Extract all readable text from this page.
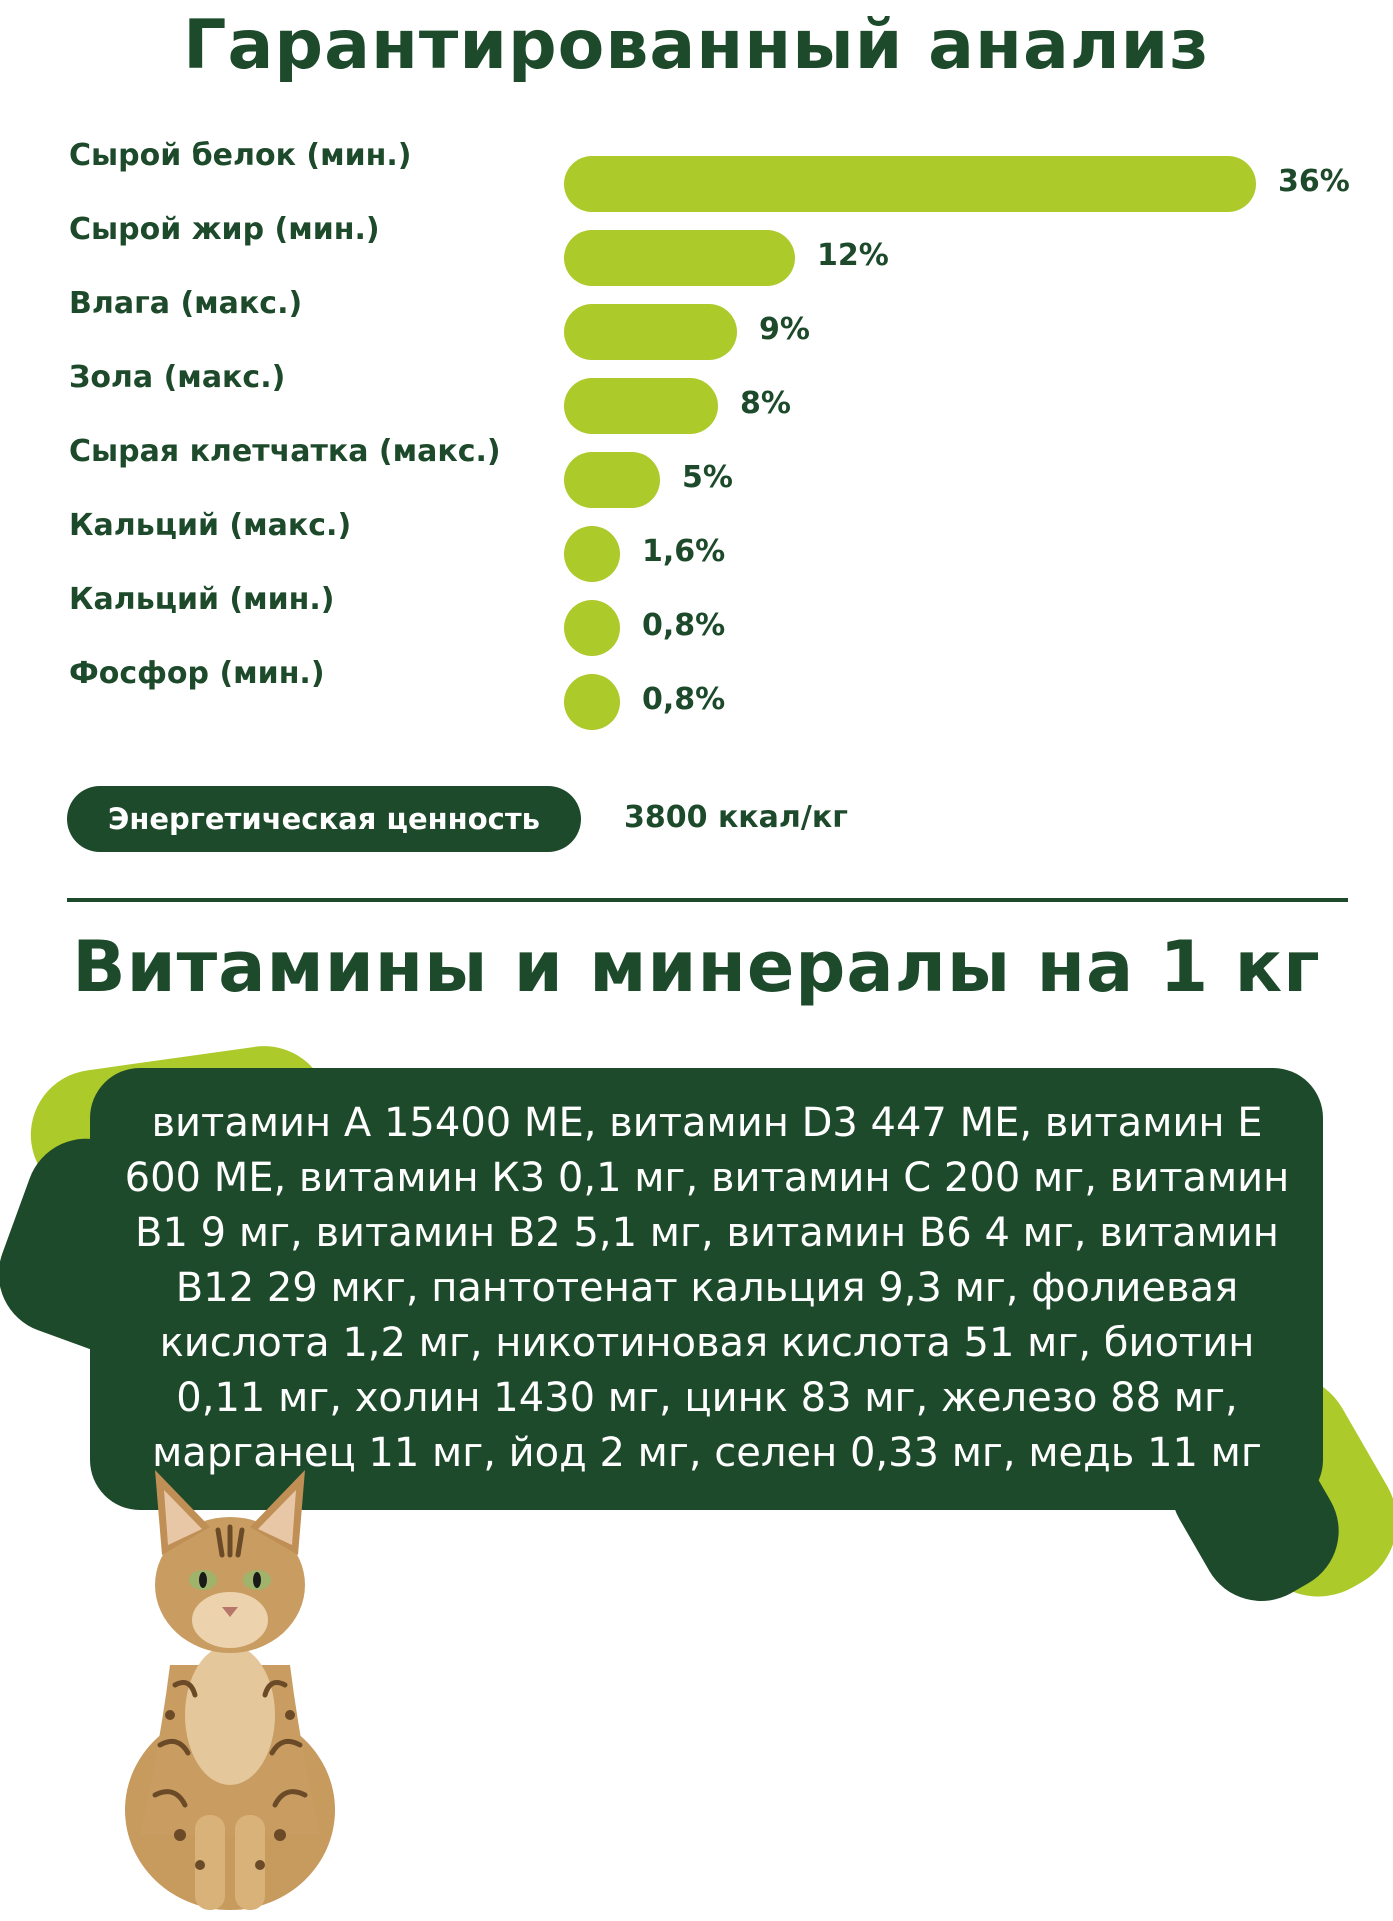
Гарантированный анализ
Сырой белок (мин.)
36%
Сырой жир (мин.)
12%
Влага (макс.)
9%
Зола (макс.)
8%
Сырая клетчатка (макс.)
5%
Кальций (макс.)
1,6%
Кальций (мин.)
0,8%
Фосфор (мин.)
0,8%
Энергетическая ценность	3800 ккал/кг
Витамины и минералы на 1 кг

витамин А 15400 МЕ, витамин D3 447 МЕ, витамин Е 600 МЕ, витамин К3 0,1 мг, витамин С 200 мг, витамин В1 9 мг, витамин В2 5,1 мг, витамин В6 4 мг, витамин В12 29 мкг, пантотенат кальция 9,3 мг, фолиевая кислота 1,2 мг, никотиновая кислота 51 мг, биотин 0,11 мг, холин 1430 мг, цинк 83 мг, железо 88 мг, марганец 11 мг, йод 2 мг, селен 0,33 мг, медь 11 мг
